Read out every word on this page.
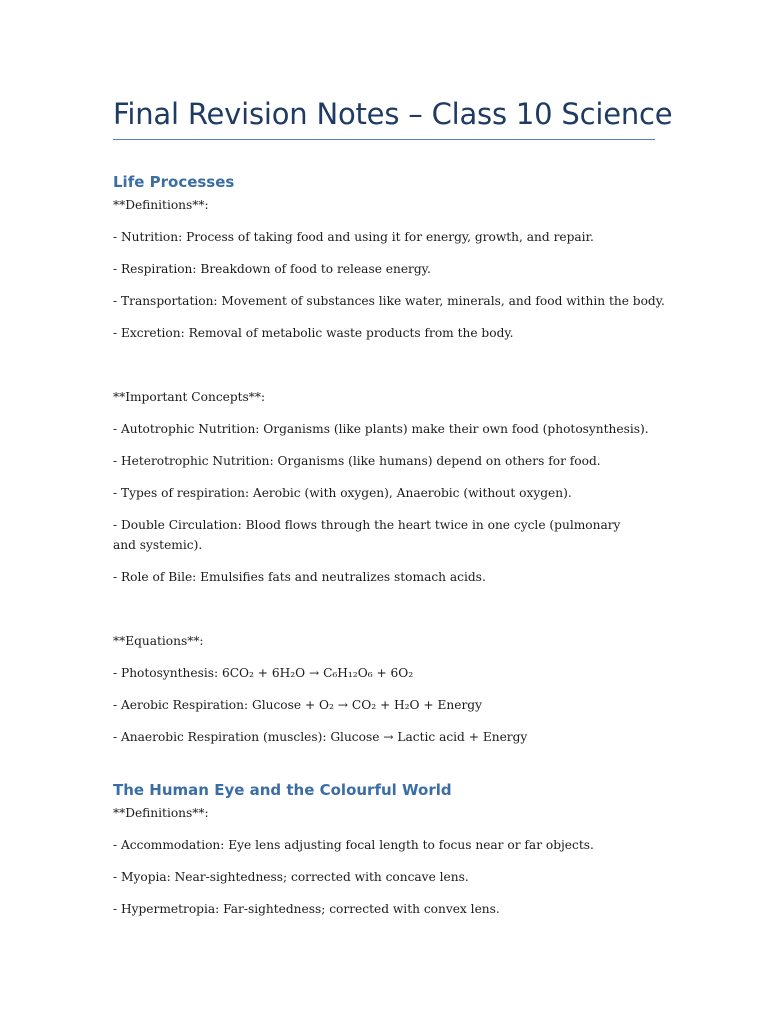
Final Revision Notes – Class 10 Science
Life Processes
**Definitions**:
- Nutrition: Process of taking food and using it for energy, growth, and repair.
- Respiration: Breakdown of food to release energy.
- Transportation: Movement of substances like water, minerals, and food within the body.
- Excretion: Removal of metabolic waste products from the body.
**Important Concepts**:
- Autotrophic Nutrition: Organisms (like plants) make their own food (photosynthesis).
- Heterotrophic Nutrition: Organisms (like humans) depend on others for food.
- Types of respiration: Aerobic (with oxygen), Anaerobic (without oxygen).
- Double Circulation: Blood flows through the heart twice in one cycle (pulmonary and systemic).
- Role of Bile: Emulsifies fats and neutralizes stomach acids.
**Equations**:
- Photosynthesis: 6CO₂ + 6H₂O → C₆H₁₂O₆ + 6O₂
- Aerobic Respiration: Glucose + O₂ → CO₂ + H₂O + Energy
- Anaerobic Respiration (muscles): Glucose → Lactic acid + Energy
The Human Eye and the Colourful World
**Definitions**:
- Accommodation: Eye lens adjusting focal length to focus near or far objects.
- Myopia: Near-sightedness; corrected with concave lens.
- Hypermetropia: Far-sightedness; corrected with convex lens.
